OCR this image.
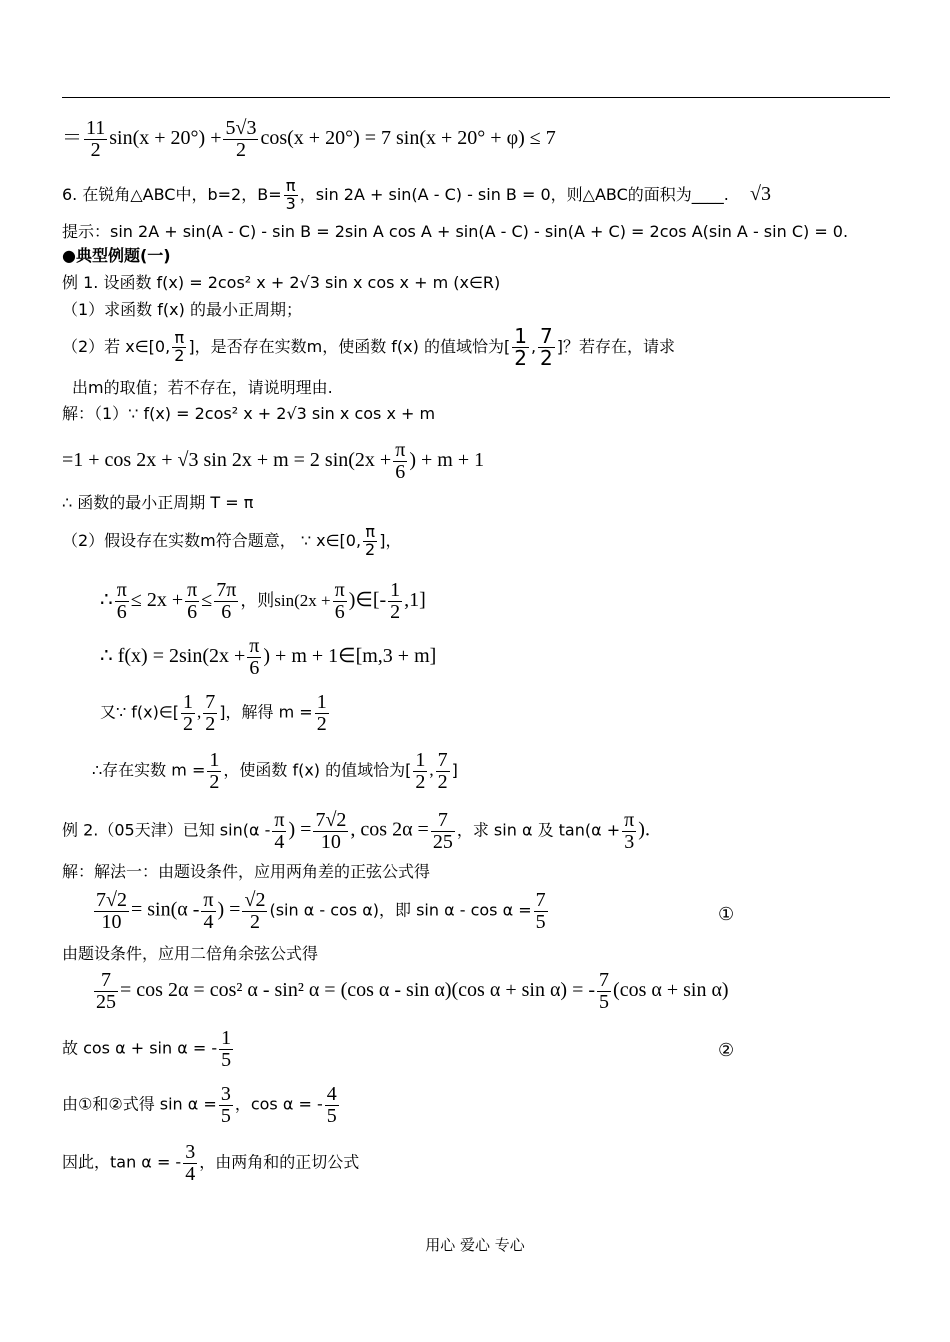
＝ $\frac{11}{2} \sin(x + 20^\circ) + \frac{5√3}{2} \cos(x + 20^\circ) = 7$ sin(x + 20° + φ) ≤ 7
6. 在锐角△ABC中，b=2，$B= \frac{\pi}{3}$ ，sin 2A + sin(A - C) - sin B = 0，则△ABC的面积为____. √3
提示：sin 2A + sin(A - C) - sin B = 2sin A cos A + sin(A - C) - sin(A + C) = 2cos A(sin A - sin C) = 0.
●典型例题(一)
例 1. 设函数 f(x) = 2cos² x + 2√3 sin x cos x + m (x∈R)
（1）求函数 f(x) 的最小正周期；
（2）若 x∈[0, $\frac{\pi}{2}$ ]，是否存在实数m，使函数 f(x) 的值域恰为[ $\frac{1}{2}$ , $\frac{7}{2}$ ]？若存在，请求
出m的取值；若不存在，请说明理由.
解：（1）∵ f(x) = 2cos² x + 2√3 sin x cos x + m
=1 + cos 2x + √3 sin 2x + m = 2 $\sin(2x + \frac{\pi}{6}$ ) + m + 1
∴ 函数的最小正周期 T = π
（2）假设存在实数m符合题意， ∵ x∈[0, $\frac{\pi}{2}$ ]，
∴ $\frac{\pi}{6} \le 2x + \frac{\pi}{6} \le \frac{7\pi}{6}$ ，则$\sin(2x + \frac{\pi}{6}$ )∈[- $\frac{1}{2} ,1$]
∴ $f(x) = 2\sin(2x + \frac{\pi}{6}$ ) + m + 1∈[m,3 + m]
又∵ f(x)∈[ $\frac{1}{2}$ , $\frac{7}{2}$ ]，解得 $m = \frac{1}{2}$
∴存在实数 $m = \frac{1}{2}$ ，使函数 f(x) 的值域恰为[ $\frac{1}{2}$ , $\frac{7}{2}$ ]
例 2.（05天津）已知 $\sin(\alpha - \frac{\pi}{4}$ ) = $\frac{7√2}{10}$ , $\cos 2\alpha = \frac{7}{25}$ ，求 sin α 及 $\tan(\alpha + \frac{\pi}{3}$ ).
解：解法一：由题设条件，应用两角差的正弦公式得
$\frac{7√2}{10} = \sin(\alpha - \frac{\pi}{4}$ ) = $\frac{√2}{2} (\sin$ α - cos α)，即 $\sin \alpha - \cos \alpha = \frac{7}{5}$	①
由题设条件，应用二倍角余弦公式得
$\frac{7}{25} = \cos 2\alpha = \cos^2$ α - sin² α = (cos α - sin α)(cos α + sin α) = - $\frac{7}{5} (\cos$ α + sin α)
故 cos α + sin α = - $\frac{1}{5}$	②
由①和②式得 $\sin \alpha = \frac{3}{5}$ ，cos α = - $\frac{4}{5}$
因此，tan α = - $\frac{3}{4}$ ，由两角和的正切公式
用心 爱心 专心
